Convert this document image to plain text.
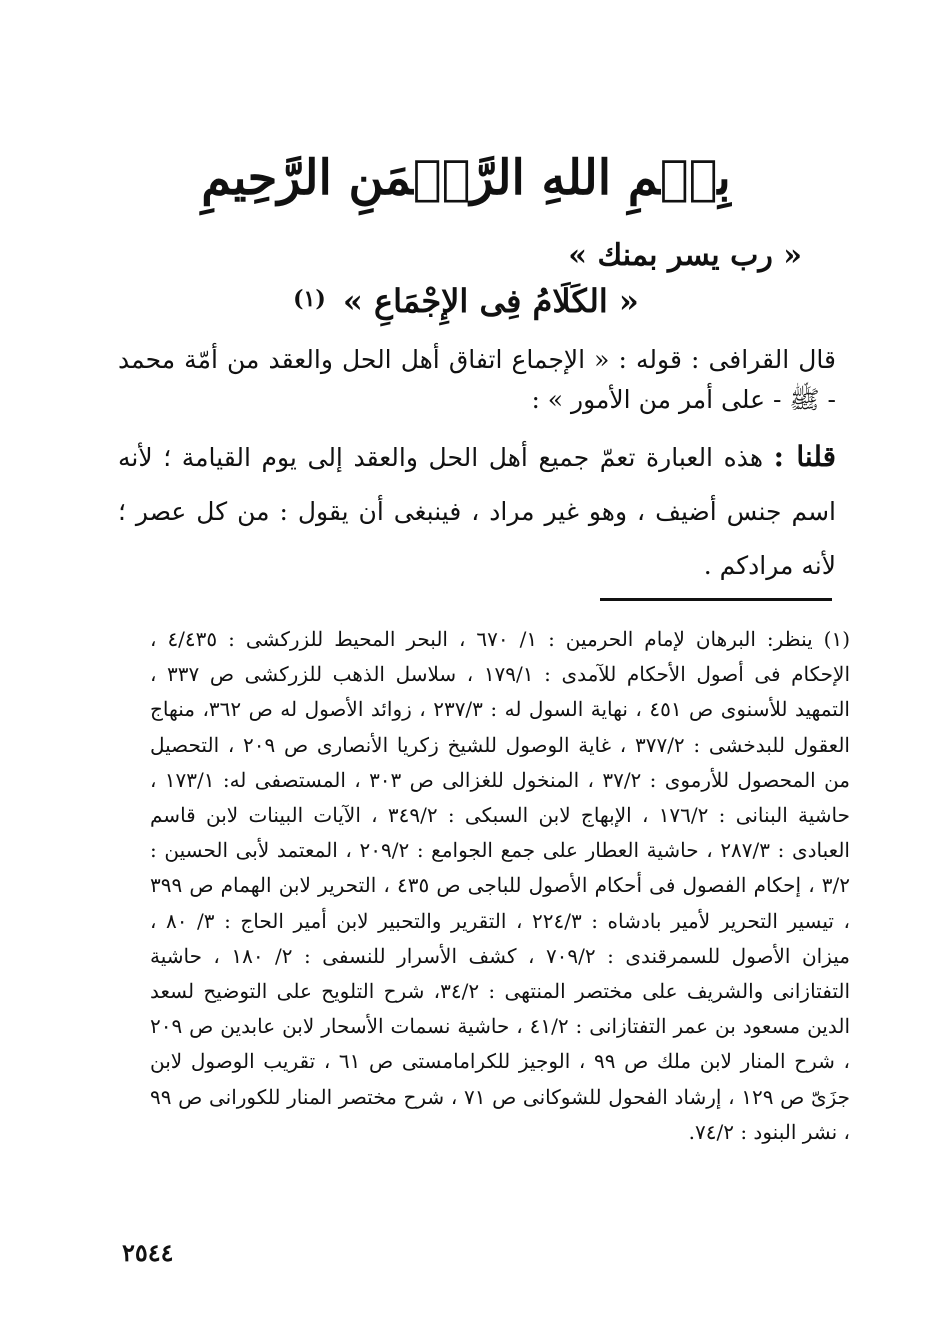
بِسۡمِ اللهِ الرَّحۡمَنِ الرَّحِيمِ
« رب يسر بمنك »
« الكَلَامُ فِى الإِجْمَاعِ » (١)

قال القرافى : قوله : « الإجماع اتفاق أهل الحل والعقد من أمّة محمد - ﷺ - على أمر من الأمور » :

قلنا : هذه العبارة تعمّ جميع أهل الحل والعقد إلى يوم القيامة ؛ لأنه اسم جنس أضيف ، وهو غير مراد ، فينبغى أن يقول : من كل عصر ؛ لأنه مرادكم .

(١) ينظر: البرهان لإمام الحرمين : ١/ ٦٧٠ ، البحر المحيط للزركشى : ٤/٤٣٥ ، الإحكام فى أصول الأحكام للآمدى : ١٧٩/١ ، سلاسل الذهب للزركشى ص ٣٣٧ ، التمهيد للأسنوى ص ٤٥١ ، نهاية السول له : ٢٣٧/٣ ، زوائد الأصول له ص ٣٦٢، منهاج العقول للبدخشى : ٣٧٧/٢ ، غاية الوصول للشيخ زكريا الأنصارى ص ٢٠٩ ، التحصيل من المحصول للأرموى : ٣٧/٢ ، المنخول للغزالى ص ٣٠٣ ، المستصفى له: ١٧٣/١ ، حاشية البنانى : ١٧٦/٢ ، الإبهاج لابن السبكى : ٣٤٩/٢ ، الآيات البينات لابن قاسم العبادى : ٢٨٧/٣ ، حاشية العطار على جمع الجوامع : ٢٠٩/٢ ، المعتمد لأبى الحسين : ٣/٢ ، إحكام الفصول فى أحكام الأصول للباجى ص ٤٣٥ ، التحرير لابن الهمام ص ٣٩٩ ، تيسير التحرير لأمير بادشاه : ٢٢٤/٣ ، التقرير والتحبير لابن أمير الحاج : ٣/ ٨٠ ، ميزان الأصول للسمرقندى : ٧٠٩/٢ ، كشف الأسرار للنسفى : ٢/ ١٨٠ ، حاشية التفتازانى والشريف على مختصر المنتهى : ٣٤/٢، شرح التلويح على التوضيح لسعد الدين مسعود بن عمر التفتازانى : ٤١/٢ ، حاشية نسمات الأسحار لابن عابدين ص ٢٠٩ ، شرح المنار لابن ملك ص ٩٩ ، الوجيز للكرامامستى ص ٦١ ، تقريب الوصول لابن جزَىّ ص ١٢٩ ، إرشاد الفحول للشوكانى ص ٧١ ، شرح مختصر المنار للكورانى ص ٩٩ ، نشر البنود : ٧٤/٢.

٢٥٤٤
